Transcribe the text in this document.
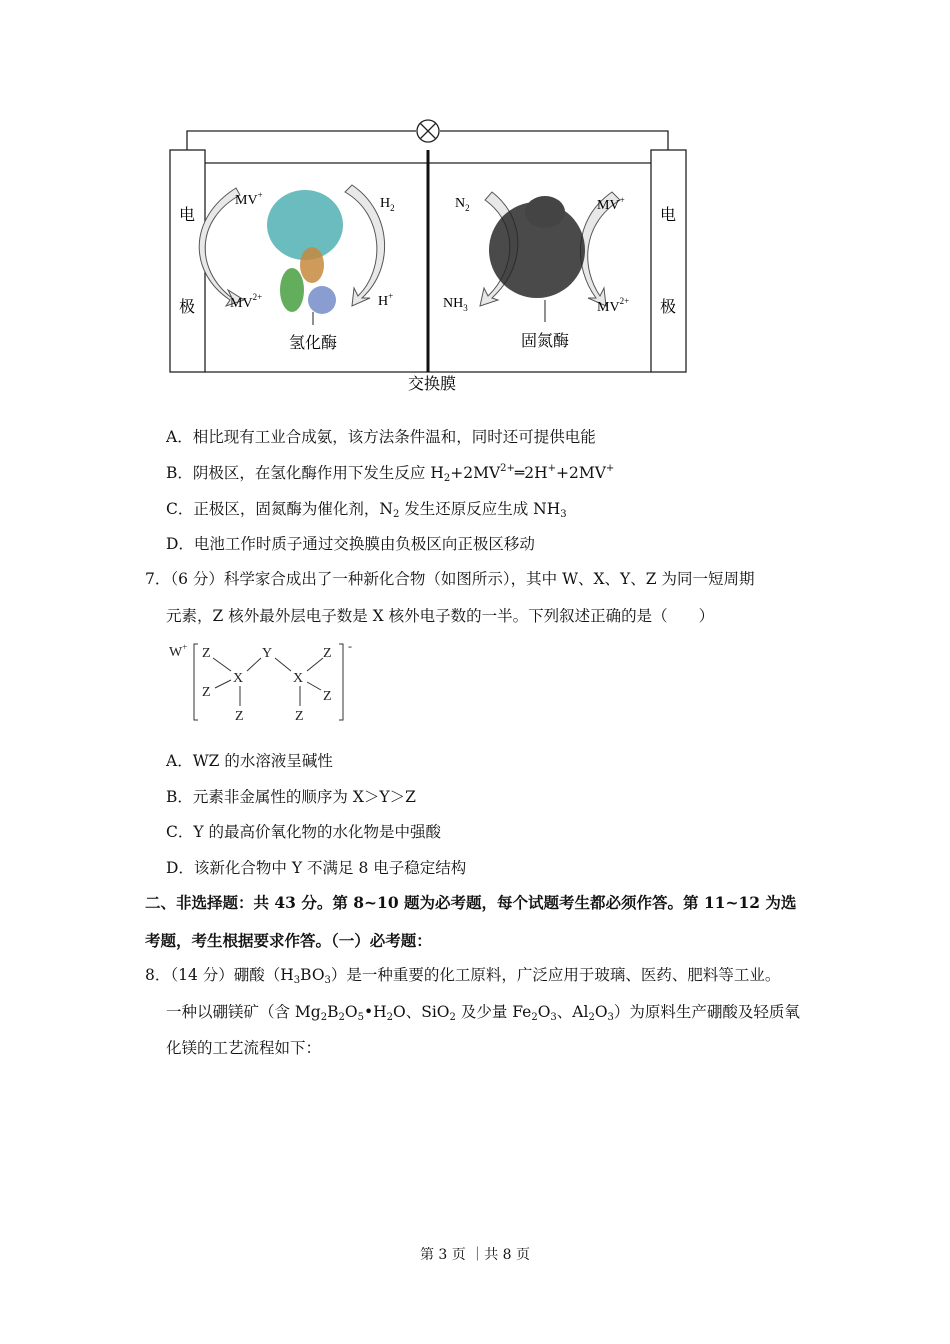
电
极
电
极
MV+
$H_2$
$MV^{2+}$	H+
氢化酶
$N_2$
$NH_3$
MV+
$MV^{2+}$
固氮酶
交换膜
A．相比现有工业合成氨，该方法条件温和，同时还可提供电能
B．阴极区，在氢化酶作用下发生反应 $H_2+2MV^{2+}═2H^++2MV^+$
C．正极区，固氮酶为催化剂，$N_2$ 发生还原反应生成 $NH_3$
D．电池工作时质子通过交换膜由负极区向正极区移动
7．（6 分）科学家合成出了一种新化合物（如图所示），其中 W、X、Y、Z 为同一短周期
元素，Z 核外最外层电子数是 X 核外电子数的一半。下列叙述正确的是（　　）
W+ Z	Y	Z
X	X
Z	Z
Z	Z
-
A．WZ 的水溶液呈碱性
B．元素非金属性的顺序为 X＞Y＞Z
C．Y 的最高价氧化物的水化物是中强酸
D．该新化合物中 Y 不满足 8 电子稳定结构
二、非选择题：共 43 分。第 8~10 题为必考题，每个试题考生都必须作答。第 11~12 为选
考题，考生根据要求作答。（一）必考题：
8．（14 分）硼酸$(H_3BO_3)$是一种重要的化工原料，广泛应用于玻璃、医药、肥料等工业。
一种以硼镁矿（含 $Mg_2B_2O_5•H_2O$、SiO$_2$ 及少量 $Fe_2O_3$、$Al_2O_3$）为原料生产硼酸及轻质氧
化镁的工艺流程如下：
第 3 页 ｜共 8 页
